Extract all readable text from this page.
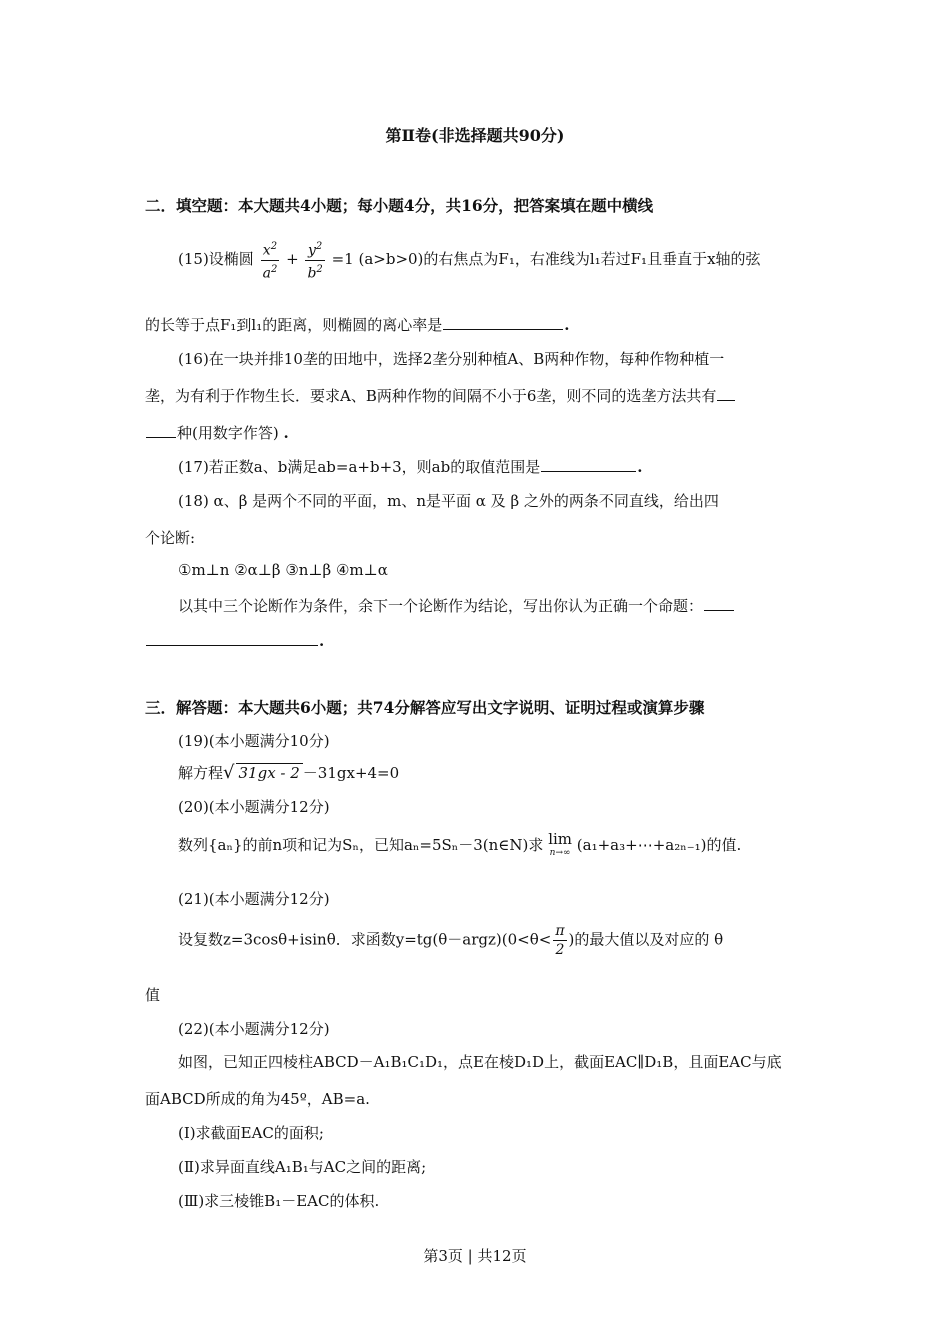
第Ⅱ卷(非选择题共90分)
二．填空题：本大题共4小题；每小题4分，共16分，把答案填在题中横线
(15)设椭圆 $\frac{x^2}{a^2} + \frac{y^2}{b^2} =1$ (a>b>0)的右焦点为F₁，右准线为l₁若过F₁且垂直于x轴的弦
的长等于点F₁到l₁的距离，则椭圆的离心率是	.
(16)在一块并排10垄的田地中，选择2垄分别种植A、B两种作物，每种作物种植一
垄，为有利于作物生长．要求A、B两种作物的间隔不小于6垄，则不同的选垄方法共有
种(用数字作答) .
(17)若正数a、b满足ab=a+b+3，则ab的取值范围是	.
(18) α、β 是两个不同的平面，m、n是平面 α 及 β 之外的两条不同直线，给出四
个论断:
①m⊥n ②α⊥β ③n⊥β ④m⊥α
以其中三个论断作为条件，余下一个论断作为结论，写出你认为正确一个命题：
.
三．解答题：本大题共6小题；共74分解答应写出文字说明、证明过程或演算步骤
(19)(本小题满分10分)
解方程√ 31gx - 2 －31gx+4=0
(20)(本小题满分12分)
数列{aₙ}的前n项和记为Sₙ，已知aₙ=5Sₙ－3(n∈N)求 lim
n→∞ (a₁+a₃+⋯+a₂ₙ₋₁)的值.
(21)(本小题满分12分)
设复数z=3cosθ+isinθ．求函数y=tg(θ－argz)(0<θ< $\frac{\pi}{2}$ )的最大值以及对应的 θ
值
(22)(本小题满分12分)
如图，已知正四棱柱ABCD－A₁B₁C₁D₁，点E在棱D₁D上，截面EAC∥D₁B，且面EAC与底
面ABCD所成的角为45º，AB=a.
(Ⅰ)求截面EAC的面积;
(Ⅱ)求异面直线A₁B₁与AC之间的距离;
(Ⅲ)求三棱锥B₁－EAC的体积.
第3页 | 共12页
